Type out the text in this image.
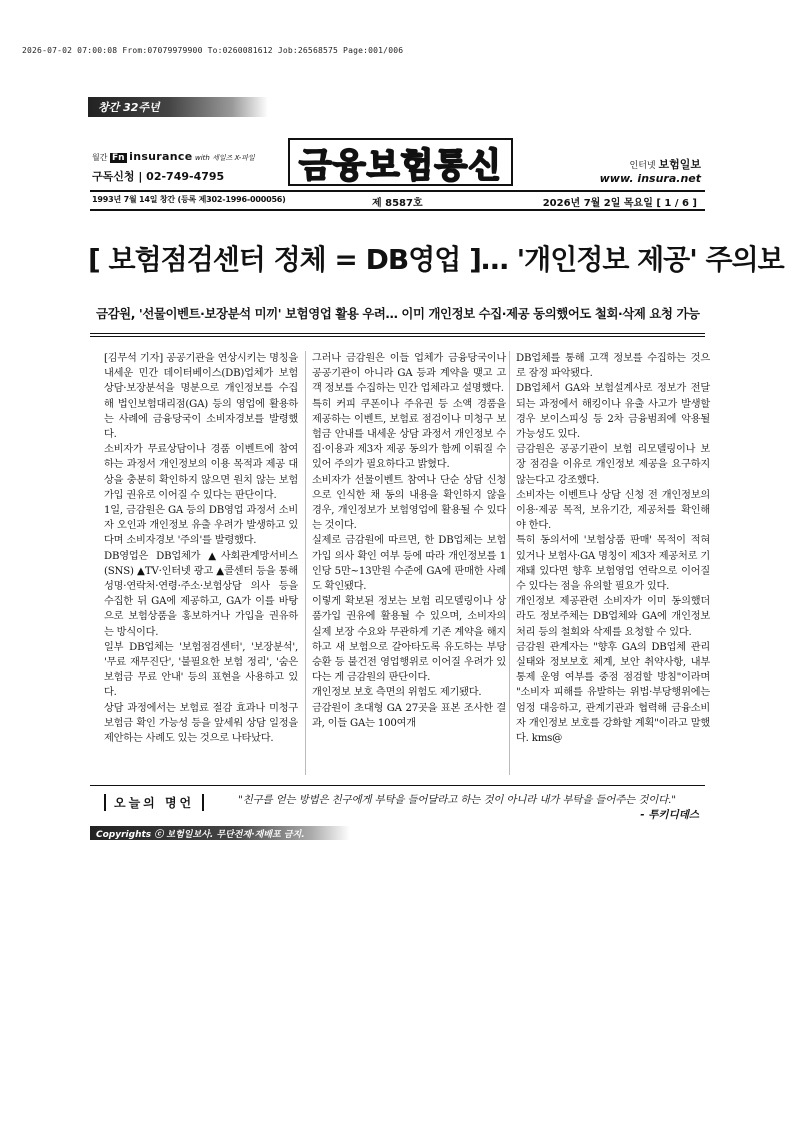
2026-07-02 07:00:08 From:07079979900 To:0260081612 Job:26568575 Page:001/006
창간 32주년
월간 Fn insurance with 세일즈 X-파일
구독신청 | 02-749-4795 금융보험통신	인터넷 보험일보
www. insura.net
1993년 7월 14일 창간 (등록 제302-1996-000056)	제 8587호	2026년 7월 2일 목요일 [ 1 / 6 ]
[ 보험점검센터 정체 = DB영업 ]… '개인정보 제공' 주의보
금감원, '선물이벤트·보장분석 미끼' 보험영업 활용 우려… 이미 개인정보 수집·제공 동의했어도 철회·삭제 요청 가능

[김무석 기자] 공공기관을 연상시키는 명칭을 내세운 민간 데이터베이스(DB)업체가 보험상담·보장분석을 명분으로 개인정보를 수집해 법인보험대리점(GA) 등의 영업에 활용하는 사례에 금융당국이 소비자경보를 발령했다.

소비자가 무료상담이나 경품 이벤트에 참여하는 과정서 개인정보의 이용 목적과 제공 대상을 충분히 확인하지 않으면 원치 않는 보험 가입 권유로 이어질 수 있다는 판단이다.

1일, 금감원은 GA 등의 DB영업 과정서 소비자 오인과 개인정보 유출 우려가 발생하고 있다며 소비자경보 '주의'를 발령했다.

DB영업은 DB업체가 ▲사회관계망서비스(SNS) ▲TV·인터넷 광고 ▲콜센터 등을 통해 성명·연락처·연령·주소·보험상담 의사 등을 수집한 뒤 GA에 제공하고, GA가 이를 바탕으로 보험상품을 홍보하거나 가입을 권유하는 방식이다.

일부 DB업체는 '보험점검센터', '보장분석', '무료 재무진단', '불필요한 보험 정리', '숨은 보험금 무료 안내' 등의 표현을 사용하고 있다.

상담 과정에서는 보험료 절감 효과나 미청구 보험금 확인 가능성 등을 앞세워 상담 일정을 제안하는 사례도 있는 것으로 나타났다.

그러나 금감원은 이들 업체가 금융당국이나 공공기관이 아니라 GA 등과 계약을 맺고 고객 정보를 수집하는 민간 업체라고 설명했다.

특히 커피 쿠폰이나 주유권 등 소액 경품을 제공하는 이벤트, 보험료 점검이나 미청구 보험금 안내를 내세운 상담 과정서 개인정보 수집·이용과 제3자 제공 동의가 함께 이뤄질 수 있어 주의가 필요하다고 밝혔다.

소비자가 선물이벤트 참여나 단순 상담 신청으로 인식한 채 동의 내용을 확인하지 않을 경우, 개인정보가 보험영업에 활용될 수 있다는 것이다.

실제로 금감원에 따르면, 한 DB업체는 보험가입 의사 확인 여부 등에 따라 개인정보를 1인당 5만~13만원 수준에 GA에 판매한 사례도 확인됐다.

이렇게 확보된 정보는 보험 리모델링이나 상품가입 권유에 활용될 수 있으며, 소비자의 실제 보장 수요와 무관하게 기존 계약을 해지하고 새 보험으로 갈아타도록 유도하는 부당승환 등 불건전 영업행위로 이어질 우려가 있다는 게 금감원의 판단이다.

개인정보 보호 측면의 위험도 제기됐다.

금감원이 초대형 GA 27곳을 표본 조사한 결과, 이들 GA는 100여개

DB업체를 통해 고객 정보를 수집하는 것으로 잠정 파악됐다.

DB업체서 GA와 보험설계사로 정보가 전달되는 과정에서 해킹이나 유출 사고가 발생할 경우 보이스피싱 등 2차 금융범죄에 악용될 가능성도 있다.

금감원은 공공기관이 보험 리모델링이나 보장 점검을 이유로 개인정보 제공을 요구하지 않는다고 강조했다.

소비자는 이벤트나 상담 신청 전 개인정보의 이용·제공 목적, 보유기간, 제공처를 확인해야 한다.

특히 동의서에 '보험상품 판매' 목적이 적혀 있거나 보험사·GA 명칭이 제3자 제공처로 기재돼 있다면 향후 보험영업 연락으로 이어질 수 있다는 점을 유의할 필요가 있다.

개인정보 제공관련 소비자가 이미 동의했더라도 정보주체는 DB업체와 GA에 개인정보 처리 등의 철회와 삭제를 요청할 수 있다.

금감원 관계자는 "향후 GA의 DB업체 관리 실태와 정보보호 체계, 보안 취약사항, 내부통제 운영 여부를 중점 점검할 방침"이라며 "소비자 피해를 유발하는 위법·부당행위에는 엄정 대응하고, 관계기관과 협력해 금융소비자 개인정보 보호를 강화할 계획"이라고 말했다. kms@

오늘의 명언	"친구를 얻는 방법은 친구에게 부탁을 들어달라고 하는 것이 아니라 내가 부탁을 들어주는 것이다."
- 투키디데스
Copyrights ⓒ 보험일보사. 무단전재·재배포 금지.
